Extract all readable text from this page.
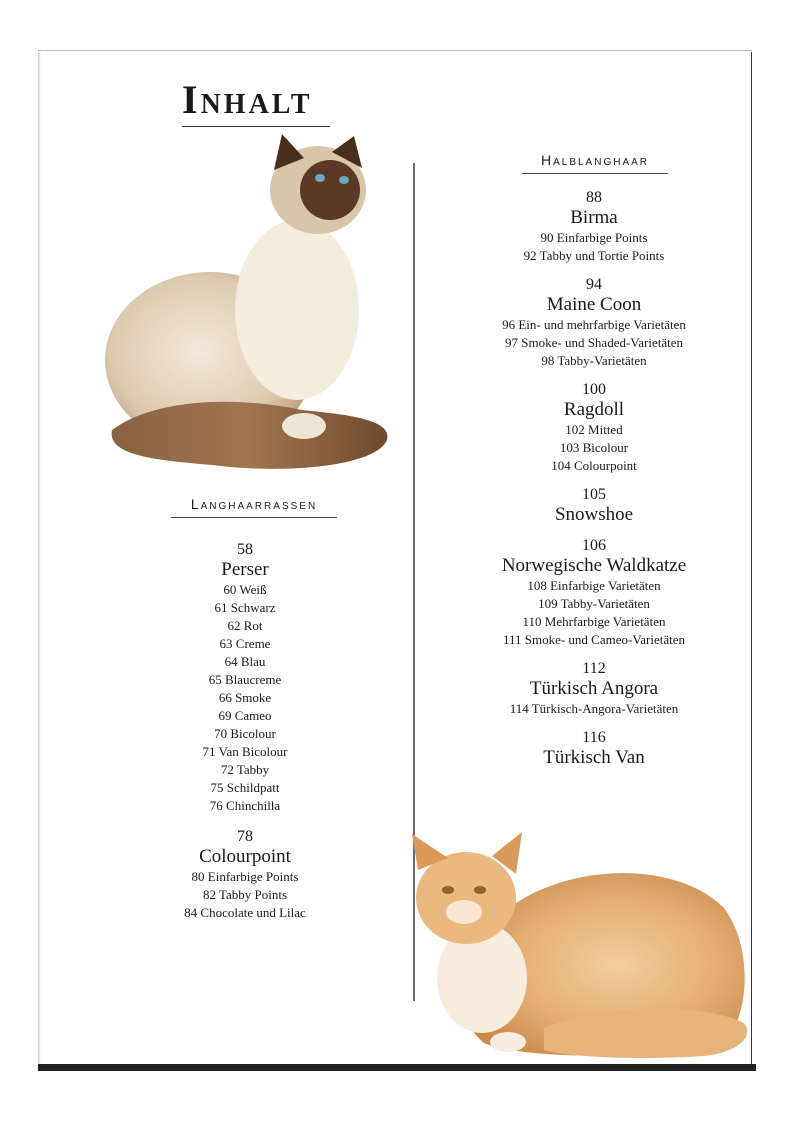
Inhalt
Langhaarrassen
58
Perser
60 Weiß
61 Schwarz
62 Rot
63 Creme
64 Blau
65 Blaucreme
66 Smoke
69 Cameo
70 Bicolour
71 Van Bicolour
72 Tabby
75 Schildpatt
76 Chinchilla
78
Colourpoint
80 Einfarbige Points
82 Tabby Points
84 Chocolate und Lilac
Halblanghaar
88
Birma
90 Einfarbige Points
92 Tabby und Tortie Points
94
Maine Coon
96 Ein- und mehrfarbige Varietäten
97 Smoke- und Shaded-Varietäten
98 Tabby-Varietäten
100
Ragdoll
102 Mitted
103 Bicolour
104 Colourpoint
105
Snowshoe
106
Norwegische Waldkatze
108 Einfarbige Varietäten
109 Tabby-Varietäten
110 Mehrfarbige Varietäten
111 Smoke- und Cameo-Varietäten
112
Türkisch Angora
114 Türkisch-Angora-Varietäten
116
Türkisch Van
